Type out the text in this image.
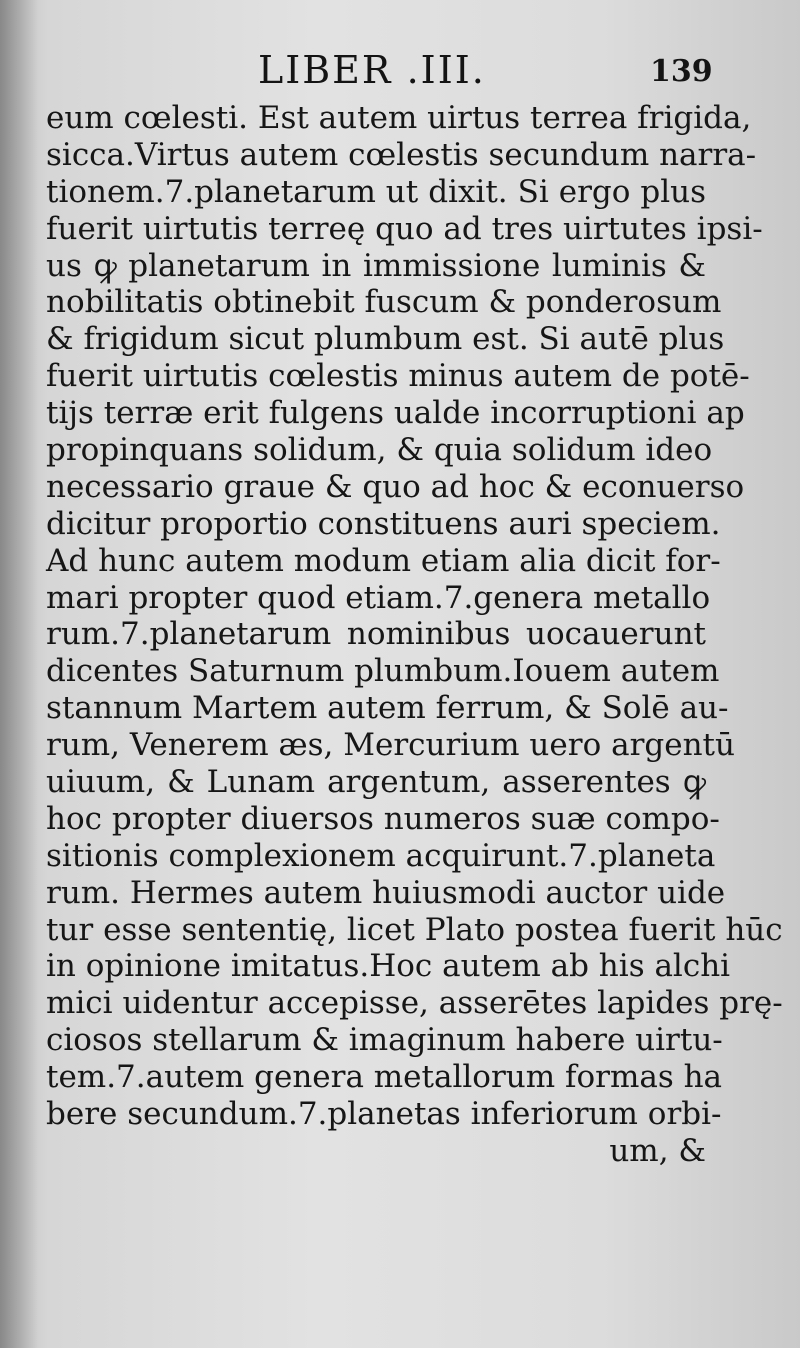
LIBER .III.	139
eum cœlesti. Est autem uirtus terrea frigida,
sicca.Virtus autem cœlestis secundum narra-
tionem.7.planetarum ut dixit. Si ergo plus
fuerit uirtutis terreę quo ad tres uirtutes ipsi-
us ꝙ planetarum in immissione luminis &
nobilitatis obtinebit fuscum & ponderosum
& frigidum sicut plumbum est. Si autē plus
fuerit uirtutis cœlestis minus autem de potē-
tijs terræ erit fulgens ualde incorruptioni ap
propinquans solidum, & quia solidum ideo
necessario graue & quo ad hoc & econuerso
dicitur proportio constituens auri speciem.
Ad hunc autem modum etiam alia dicit for-
mari propter quod etiam.7.genera metallo
rum.7.planetarum nominibus uocauerunt
dicentes Saturnum plumbum.Iouem autem
stannum Martem autem ferrum, & Solē au-
rum, Venerem æs, Mercurium uero argentū
uiuum, & Lunam argentum, asserentes ꝙ
hoc propter diuersos numeros suæ compo-
sitionis complexionem acquirunt.7.planeta
rum. Hermes autem huiusmodi auctor uide
tur esse sententię, licet Plato postea fuerit hūc
in opinione imitatus.Hoc autem ab his alchi
mici uidentur accepisse, asserētes lapides prę-
ciosos stellarum & imaginum habere uirtu-
tem.7.autem genera metallorum formas ha
bere secundum.7.planetas inferiorum orbi-
um, &
